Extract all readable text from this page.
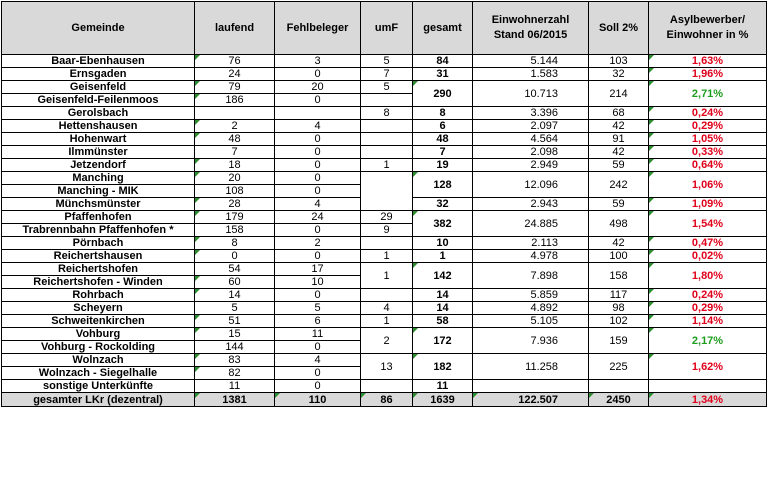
Gemeinde	laufend	Fehlbeleger	umF	gesamt	Einwohnerzahl
Stand 06/2015	Soll 2%	Asylbewerber/
Einwohner in %
Baar-Ebenhausen	76	3	5	84	5.144	103	1,63%
Ernsgaden	24	0	7	31	1.583	32	1,96%
Geisenfeld	79	20	5	290	10.713	214	2,71%
Geisenfeld-Feilenmoos	186	0					
Gerolsbach			8	8	3.396	68	0,24%
Hettenshausen	2	4		6	2.097	42	0,29%
Hohenwart	48	0		48	4.564	91	1,05%
Ilmmünster	7	0		7	2.098	42	0,33%
Jetzendorf	18	0	1	19	2.949	59	0,64%
Manching	20	0		128	12.096	242	1,06%
Manching - MIK	108	0					
Münchsmünster	28	4		32	2.943	59	1,09%
Pfaffenhofen	179	24	29	382	24.885	498	1,54%
Trabrennbahn Pfaffenhofen *	158	0	9				
Pörnbach	8	2		10	2.113	42	0,47%
Reichertshausen	0	0	1	1	4.978	100	0,02%
Reichertshofen	54	17	1	142	7.898	158	1,80%
Reichertshofen - Winden	60	10					
Rohrbach	14	0		14	5.859	117	0,24%
Scheyern	5	5	4	14	4.892	98	0,29%
Schweitenkirchen	51	6	1	58	5.105	102	1,14%
Vohburg	15	11	2	172	7.936	159	2,17%
Vohburg - Rockolding	144	0					
Wolnzach	83	4	13	182	11.258	225	1,62%
Wolnzach - Siegelhalle	82	0					
sonstige Unterkünfte	11	0		11			
gesamter LKr (dezentral)	1381	110	86	1639	122.507	2450	1,34%
